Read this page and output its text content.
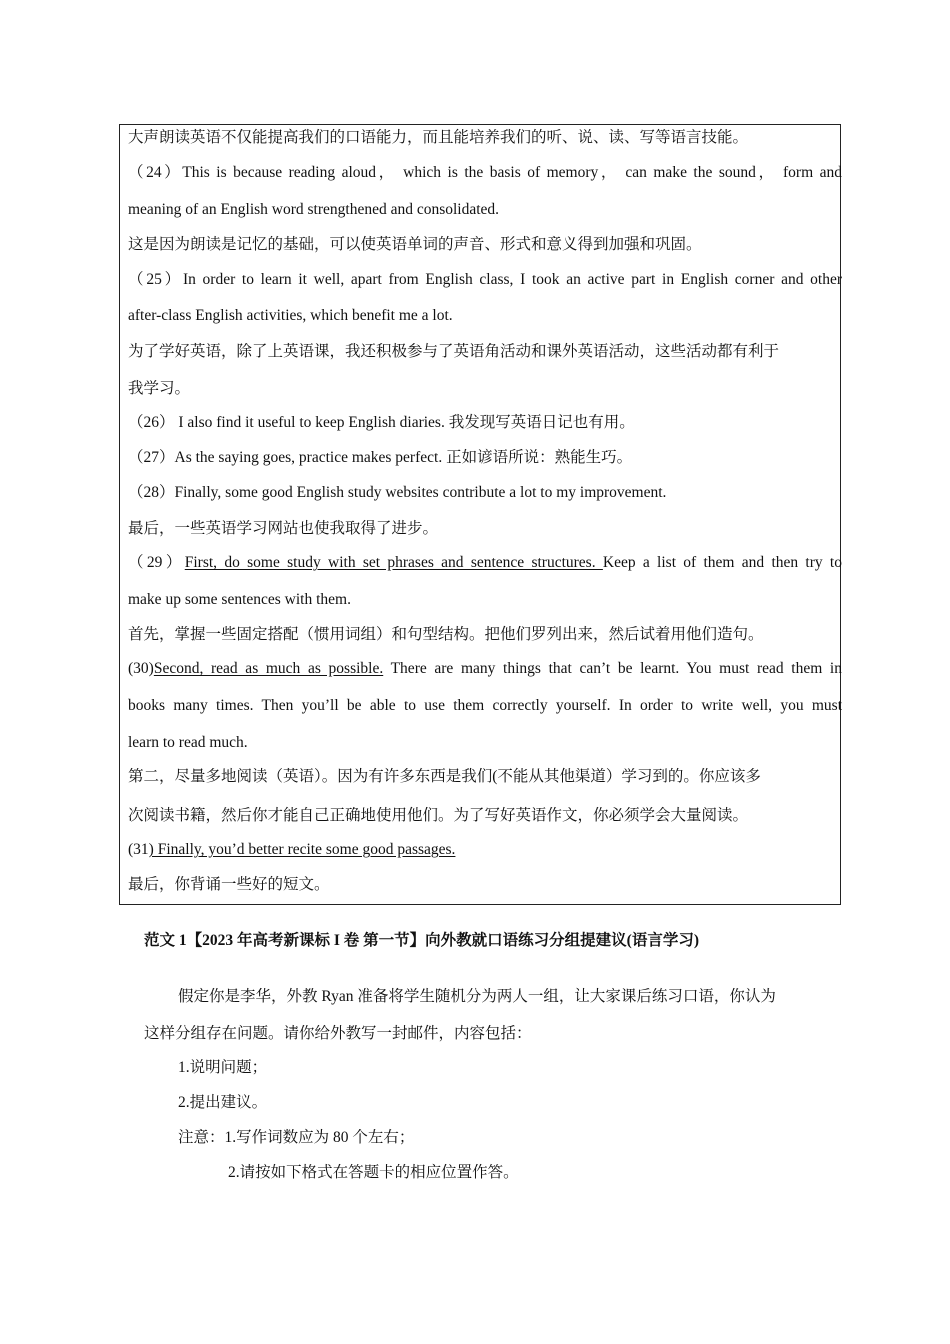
大声朗读英语不仅能提高我们的口语能力，而且能培养我们的听、说、读、写等语言技能。
（24）This is because reading aloud， which is the basis of memory， can make the sound， form and
meaning of an English word strengthened and consolidated.
这是因为朗读是记忆的基础，可以使英语单词的声音、形式和意义得到加强和巩固。
（25）In order to learn it well, apart from English class, I took an active part in English corner and other
after-class English activities, which benefit me a lot.
为了学好英语，除了上英语课，我还积极参与了英语角活动和课外英语活动，这些活动都有利于
我学习。
（26） I also find it useful to keep English diaries. 我发现写英语日记也有用。
（27）As the saying goes, practice makes perfect. 正如谚语所说：熟能生巧。
（28）Finally, some good English study websites contribute a lot to my improvement.
最后，一些英语学习网站也使我取得了进步。
（29）First, do some study with set phrases and sentence structures. Keep a list of them and then try to
make up some sentences with them.
首先，掌握一些固定搭配（惯用词组）和句型结构。把他们罗列出来，然后试着用他们造句。
(30)Second, read as much as possible. There are many things that can’t be learnt. You must read them in
books many times. Then you’ll be able to use them correctly yourself. In order to write well, you must
learn to read much.
第二，尽量多地阅读（英语）。因为有许多东西是我们(不能从其他渠道）学习到的。你应该多
次阅读书籍，然后你才能自己正确地使用他们。为了写好英语作文，你必须学会大量阅读。
(31) Finally, you’d better recite some good passages.
最后，你背诵一些好的短文。
范文 1【2023 年高考新课标 I 卷 第一节】向外教就口语练习分组提建议(语言学习)
假定你是李华，外教 Ryan 准备将学生随机分为两人一组，让大家课后练习口语，你认为
这样分组存在问题。请你给外教写一封邮件，内容包括：
1.说明问题；
2.提出建议。
注意：1.写作词数应为 80 个左右；
2.请按如下格式在答题卡的相应位置作答。
